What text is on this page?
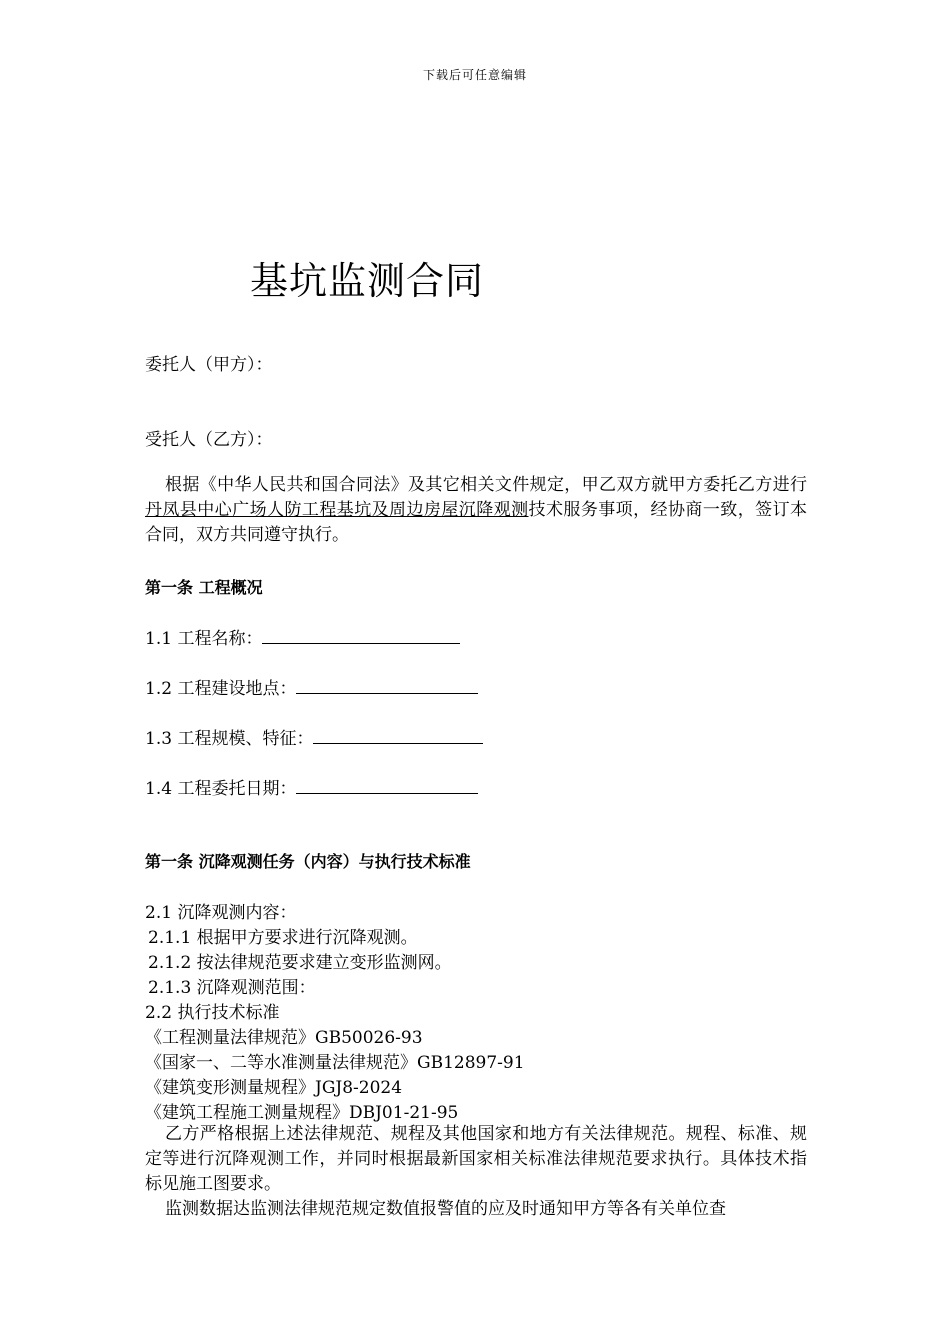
下载后可任意编辑
基坑监测合同
委托人（甲方）：
受托人（乙方）：
根据《中华人民共和国合同法》及其它相关文件规定，甲乙双方就甲方委托乙方进行丹凤县中心广场人防工程基坑及周边房屋沉降观测技术服务事项，经协商一致，签订本合同，双方共同遵守执行。
第一条 工程概况
1.1 工程名称：
1.2 工程建设地点：
1.3 工程规模、特征：
1.4 工程委托日期：
第一条 沉降观测任务（内容）与执行技术标准
2.1 沉降观测内容：
2.1.1 根据甲方要求进行沉降观测。
2.1.2 按法律规范要求建立变形监测网。
2.1.3 沉降观测范围：
2.2 执行技术标准
《工程测量法律规范》GB50026-93
《国家一、二等水准测量法律规范》GB12897-91
《建筑变形测量规程》JGJ8-2024
《建筑工程施工测量规程》DBJ01-21-95
乙方严格根据上述法律规范、规程及其他国家和地方有关法律规范。规程、标准、规定等进行沉降观测工作，并同时根据最新国家相关标准法律规范要求执行。具体技术指标见施工图要求。
监测数据达监测法律规范规定数值报警值的应及时通知甲方等各有关单位查
